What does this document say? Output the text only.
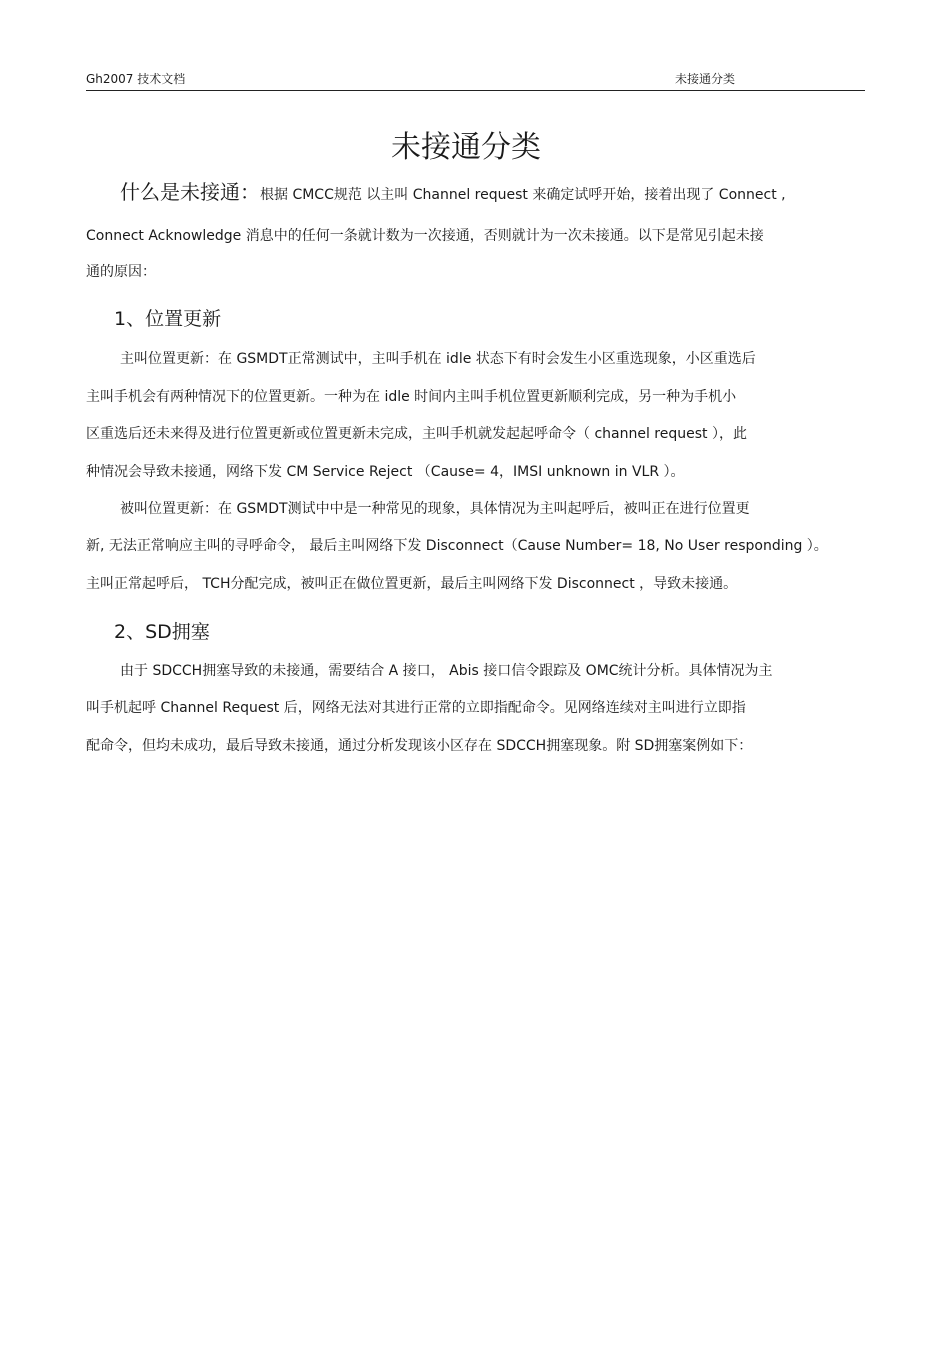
Gh2007 技术文档	未接通分类
未接通分类
什么是未接通：根据 CMCC规范 以主叫 Channel request 来确定试呼开始，接着出现了 Connect ,
Connect Acknowledge 消息中的任何一条就计数为一次接通，否则就计为一次未接通。以下是常见引起未接
通的原因：
1、位置更新
主叫位置更新：在 GSMDT正常测试中，主叫手机在 idle 状态下有时会发生小区重选现象，小区重选后
主叫手机会有两种情况下的位置更新。一种为在 idle 时间内主叫手机位置更新顺利完成，另一种为手机小
区重选后还未来得及进行位置更新或位置更新未完成，主叫手机就发起起呼命令（ channel request ），此
种情况会导致未接通，网络下发 CM Service Reject （Cause= 4，IMSI unknown in VLR ）。
被叫位置更新：在 GSMDT测试中中是一种常见的现象，具体情况为主叫起呼后，被叫正在进行位置更
新, 无法正常响应主叫的寻呼命令， 最后主叫网络下发 Disconnect（Cause Number= 18, No User responding ）。
主叫正常起呼后， TCH分配完成，被叫正在做位置更新，最后主叫网络下发 Disconnect ，导致未接通。
2、SD拥塞
由于 SDCCH拥塞导致的未接通，需要结合 A 接口， Abis 接口信令跟踪及 OMC统计分析。具体情况为主
叫手机起呼 Channel Request 后，网络无法对其进行正常的立即指配命令。见网络连续对主叫进行立即指
配命令，但均未成功，最后导致未接通，通过分析发现该小区存在 SDCCH拥塞现象。附 SD拥塞案例如下：
